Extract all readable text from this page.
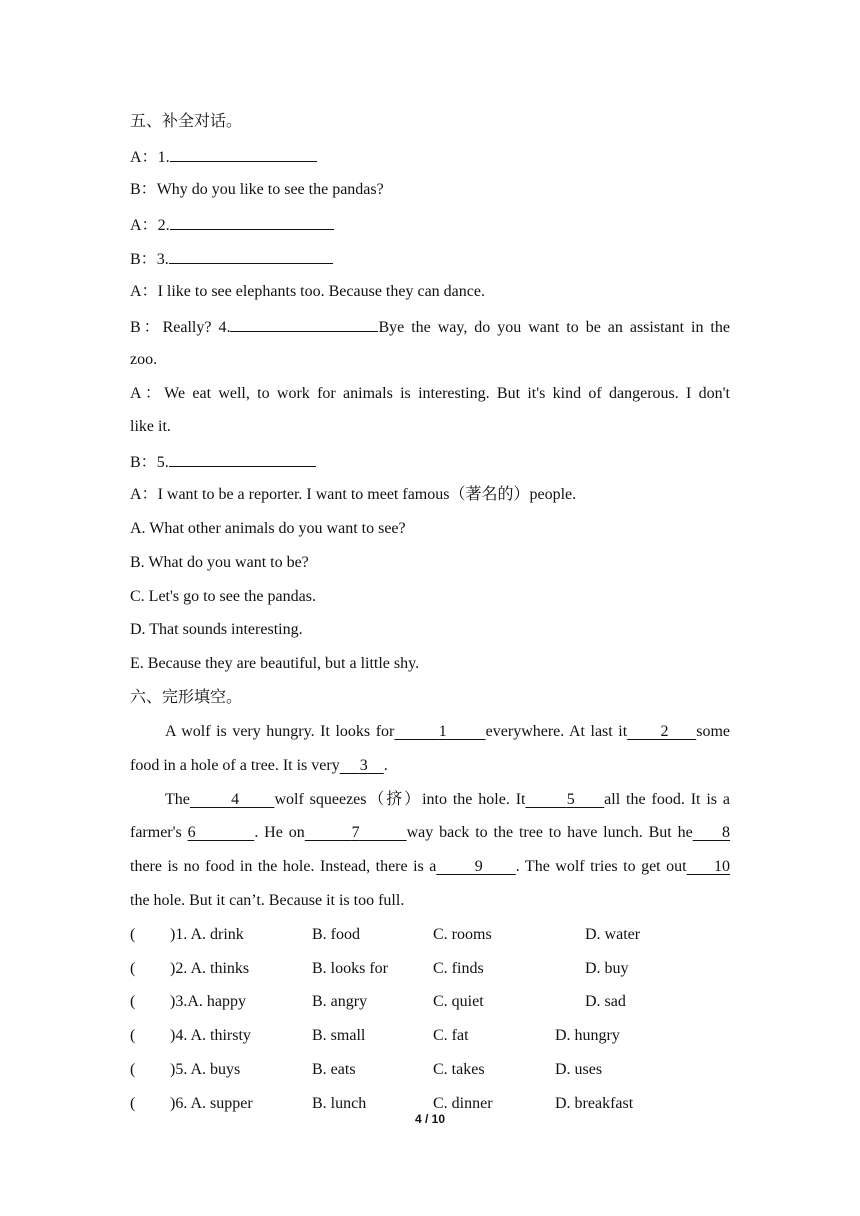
五、补全对话。
A：1.
B：Why do you like to see the pandas?
A：2.
B：3.
A：I like to see elephants too. Because they can dance.
B：Really? 4.	Bye the way, do you want to be an assistant in the
zoo.
A：We eat well, to work for animals is interesting. But it's kind of dangerous. I don't
like it.
B：5.
A：I want to be a reporter. I want to meet famous（著名的）people.
A. What other animals do you want to see?
B. What do you want to be?
C. Let's go to see the pandas.
D. That sounds interesting.
E. Because they are beautiful, but a little shy.
六、完形填空。
A wolf is very hungry. It looks for	1 everywhere. At last it 2 some
food in a hole of a tree. It is very 3 .
The	4 wolf squeezes（挤）into the hole. It	5 all the food. It is a
farmer's 6	. He on	7	way back to the tree to have lunch. But he 8
there is no food in the hole. Instead, there is a 9 . The wolf tries to get out 10
the hole. But it can’t. Because it is too full.
( )1. A. drink	B. food	C. rooms	D. water
( )2. A. thinks	B. looks for	C. finds	D. buy
( )3.A. happy	B. angry	C. quiet	D. sad
( )4. A. thirsty	B. small	C. fat	D. hungry
( )5. A. buys	B. eats	C. takes	D. uses
( )6. A. supper	B. lunch	C. dinner	D. breakfast
4 / 10
